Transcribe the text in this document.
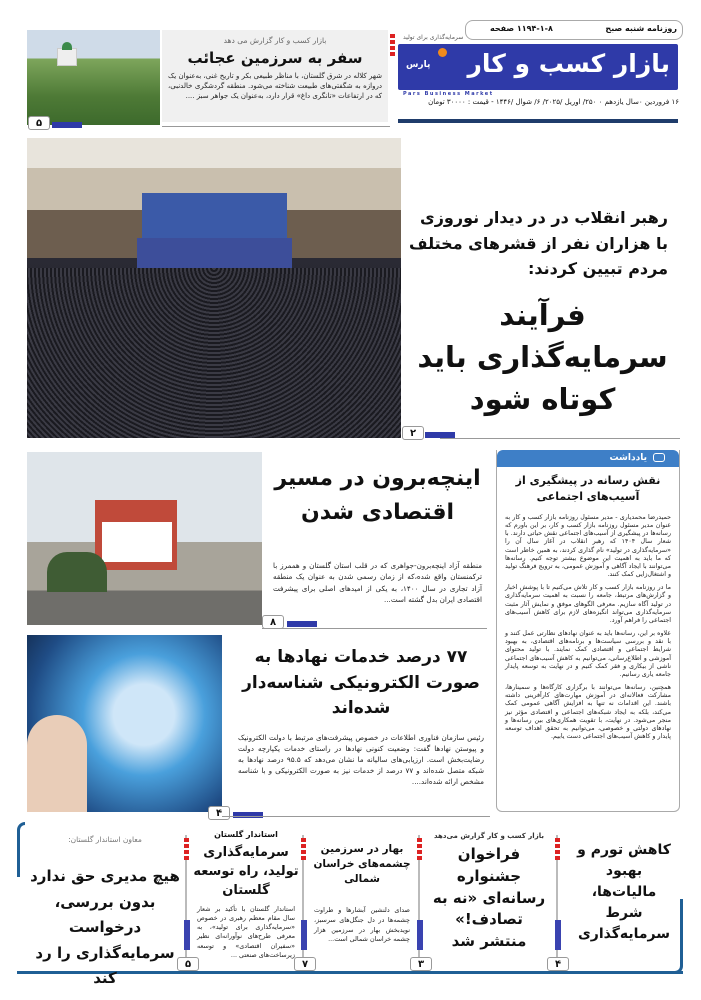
روزنامه شنبه صبح
۱۱۹۴-۱-۸ صفحه
سرمایه‌گذاری برای تولید
بازار کسب و کار
پارس
Pars Business Market
۱۶ فروردین ۰سال یازدهم ۰ ۲۵۰/ اوریل /۲۰۲۵/ ۶/ شوال /۱۴۴۶ - قیمت : ۳۰۰۰۰ تومان
۵
بازار کسب و کار گزارش می دهد
سفر به سرزمین عجائب
شهر کلاله در شرق گلستان، با مناظر طبیعی بکر و تاریخ غنی، به‌عنوان یک دروازه به شگفتی‌های طبیعت شناخته می‌شود. منطقه گردشگری خالدنبی، که در ارتفاعات «تانگری داغ» قرار دارد، به‌عنوان یک جواهر سبز ....
۲
رهبر انقلاب در در دیدار نوروزی با هزاران نفر از قشرهای مختلف مردم تبیین کردند:
فرآیند سرمایه‌گذاری باید کوتاه شود
اینچه‌برون در مسیر اقتصادی شدن
منطقه آزاد اینچه‌برون-جواهری که در قلب استان گلستان و هممرز با ترکمنستان واقع شده،که از زمان رسمی شدن به عنوان یک منطقه آزاد تجاری در سال ۱۴۰۰، به یکی از امیدهای اصلی برای پیشرفت اقتصادی ایران بدل گشته است...
۸
۷۷ درصد خدمات نهادها به صورت الکترونیکی شناسه‌دار شده‌اند
رئیس سازمان فناوری اطلاعات در خصوص پیشرفت‌های مرتبط با دولت الکترونیک و پیوستن نهادها گفت: وضعیت کنونی نهادها در راستای خدمات یکپارچه دولت رضایت‌بخش است. ارزیابی‌های سالیانه ما نشان می‌دهد که ۹۵.۵ درصد نهادها به شبکه متصل شده‌اند و ۷۷ درصد از خدمات نیز به صورت الکترونیکی و با شناسه مشخص ارائه شده‌اند....
۴
یادداشت
نقش رسانه در پیشگیری از آسیب‌های اجتماعی
حمیدرضا محمدیاری - مدیر مسئول روزنامه بازار کسب و کار به عنوان مدیر مسئول روزنامه بازار کسب و کار، بر این باورم که رسانه‌ها در پیشگیری از آسیب‌های اجتماعی نقش حیاتی دارند. با شعار سال ۱۴۰۴ که رهبر انقلاب در آغاز سال آن را «سرمایه‌گذاری در تولید» نام گذاری کردند، به همین خاطر است که ما باید به اهمیت این موضوع بیشتر توجه کنیم. رسانه‌ها می‌توانند با ایجاد آگاهی و آموزش عمومی، به ترویج فرهنگ تولید و اشتغال‌زایی کمک کنند.
ما در روزنامه بازار کسب و کار تلاش می‌کنیم تا با پوشش اخبار و گزارش‌های مرتبط، جامعه را نسبت به اهمیت سرمایه‌گذاری در تولید آگاه سازیم. معرفی الگوهای موفق و نمایش آثار مثبت سرمایه‌گذاری می‌تواند انگیزه‌های لازم برای کاهش آسیب‌های اجتماعی را فراهم آورد.
علاوه بر این، رسانه‌ها باید به عنوان نهادهای نظارتی عمل کنند و با نقد و بررسی سیاست‌ها و برنامه‌های اقتصادی، به بهبود شرایط اجتماعی و اقتصادی کمک نمایند. با تولید محتوای آموزشی و اطلاع‌رسانی، می‌توانیم به کاهش آسیب‌های اجتماعی ناشی از بیکاری و فقر کمک کنیم و در نهایت به توسعه پایدار جامعه یاری رسانیم.
همچنین، رسانه‌ها می‌توانند با برگزاری کارگاه‌ها و سمینارها، مشارکت فعالانه‌ای در آموزش مهارت‌های کارآفرینی داشته باشند. این اقدامات نه تنها به افزایش آگاهی عمومی کمک می‌کند، بلکه به ایجاد شبکه‌های اجتماعی و اقتصادی مؤثر نیز منجر می‌شود. در نهایت، با تقویت همکاری‌های بین رسانه‌ها و نهادهای دولتی و خصوصی، می‌توانیم به تحقق اهداف توسعه پایدار و کاهش آسیب‌های اجتماعی دست یابیم.
کاهش تورم و بهبود مالیات‌ها، شرط سرمایه‌گذاری
۴
بازار کسب و کار گزارش می‌دهد
فراخوان جشنواره رسانه‌ای «نه به تصادف!» منتشر شد
۳
بهار در سرزمین چشمه‌های خراسان شمالی
صدای دلنشین آبشارها و طراوت چشمه‌ها در دل جنگل‌های سرسبز، نویدبخش بهار در سرزمین هزار چشمه خراسان شمالی است...
۷
استاندار گلستان
سرمایه‌گذاری تولید، راه توسعه گلستان
استاندار گلستان با تأکید بر شعار سال مقام معظم رهبری در خصوص «سرمایه‌گذاری برای تولید»، به معرفی طرح‌های نوآورانه‌ای نظیر «سفیران اقتصادی» و توسعه زیرساخت‌های صنعتی ...
۵
معاون استاندار گلستان:
هیچ مدیری حق ندارد بدون بررسی، درخواست سرمایه‌گذاری را رد کند
